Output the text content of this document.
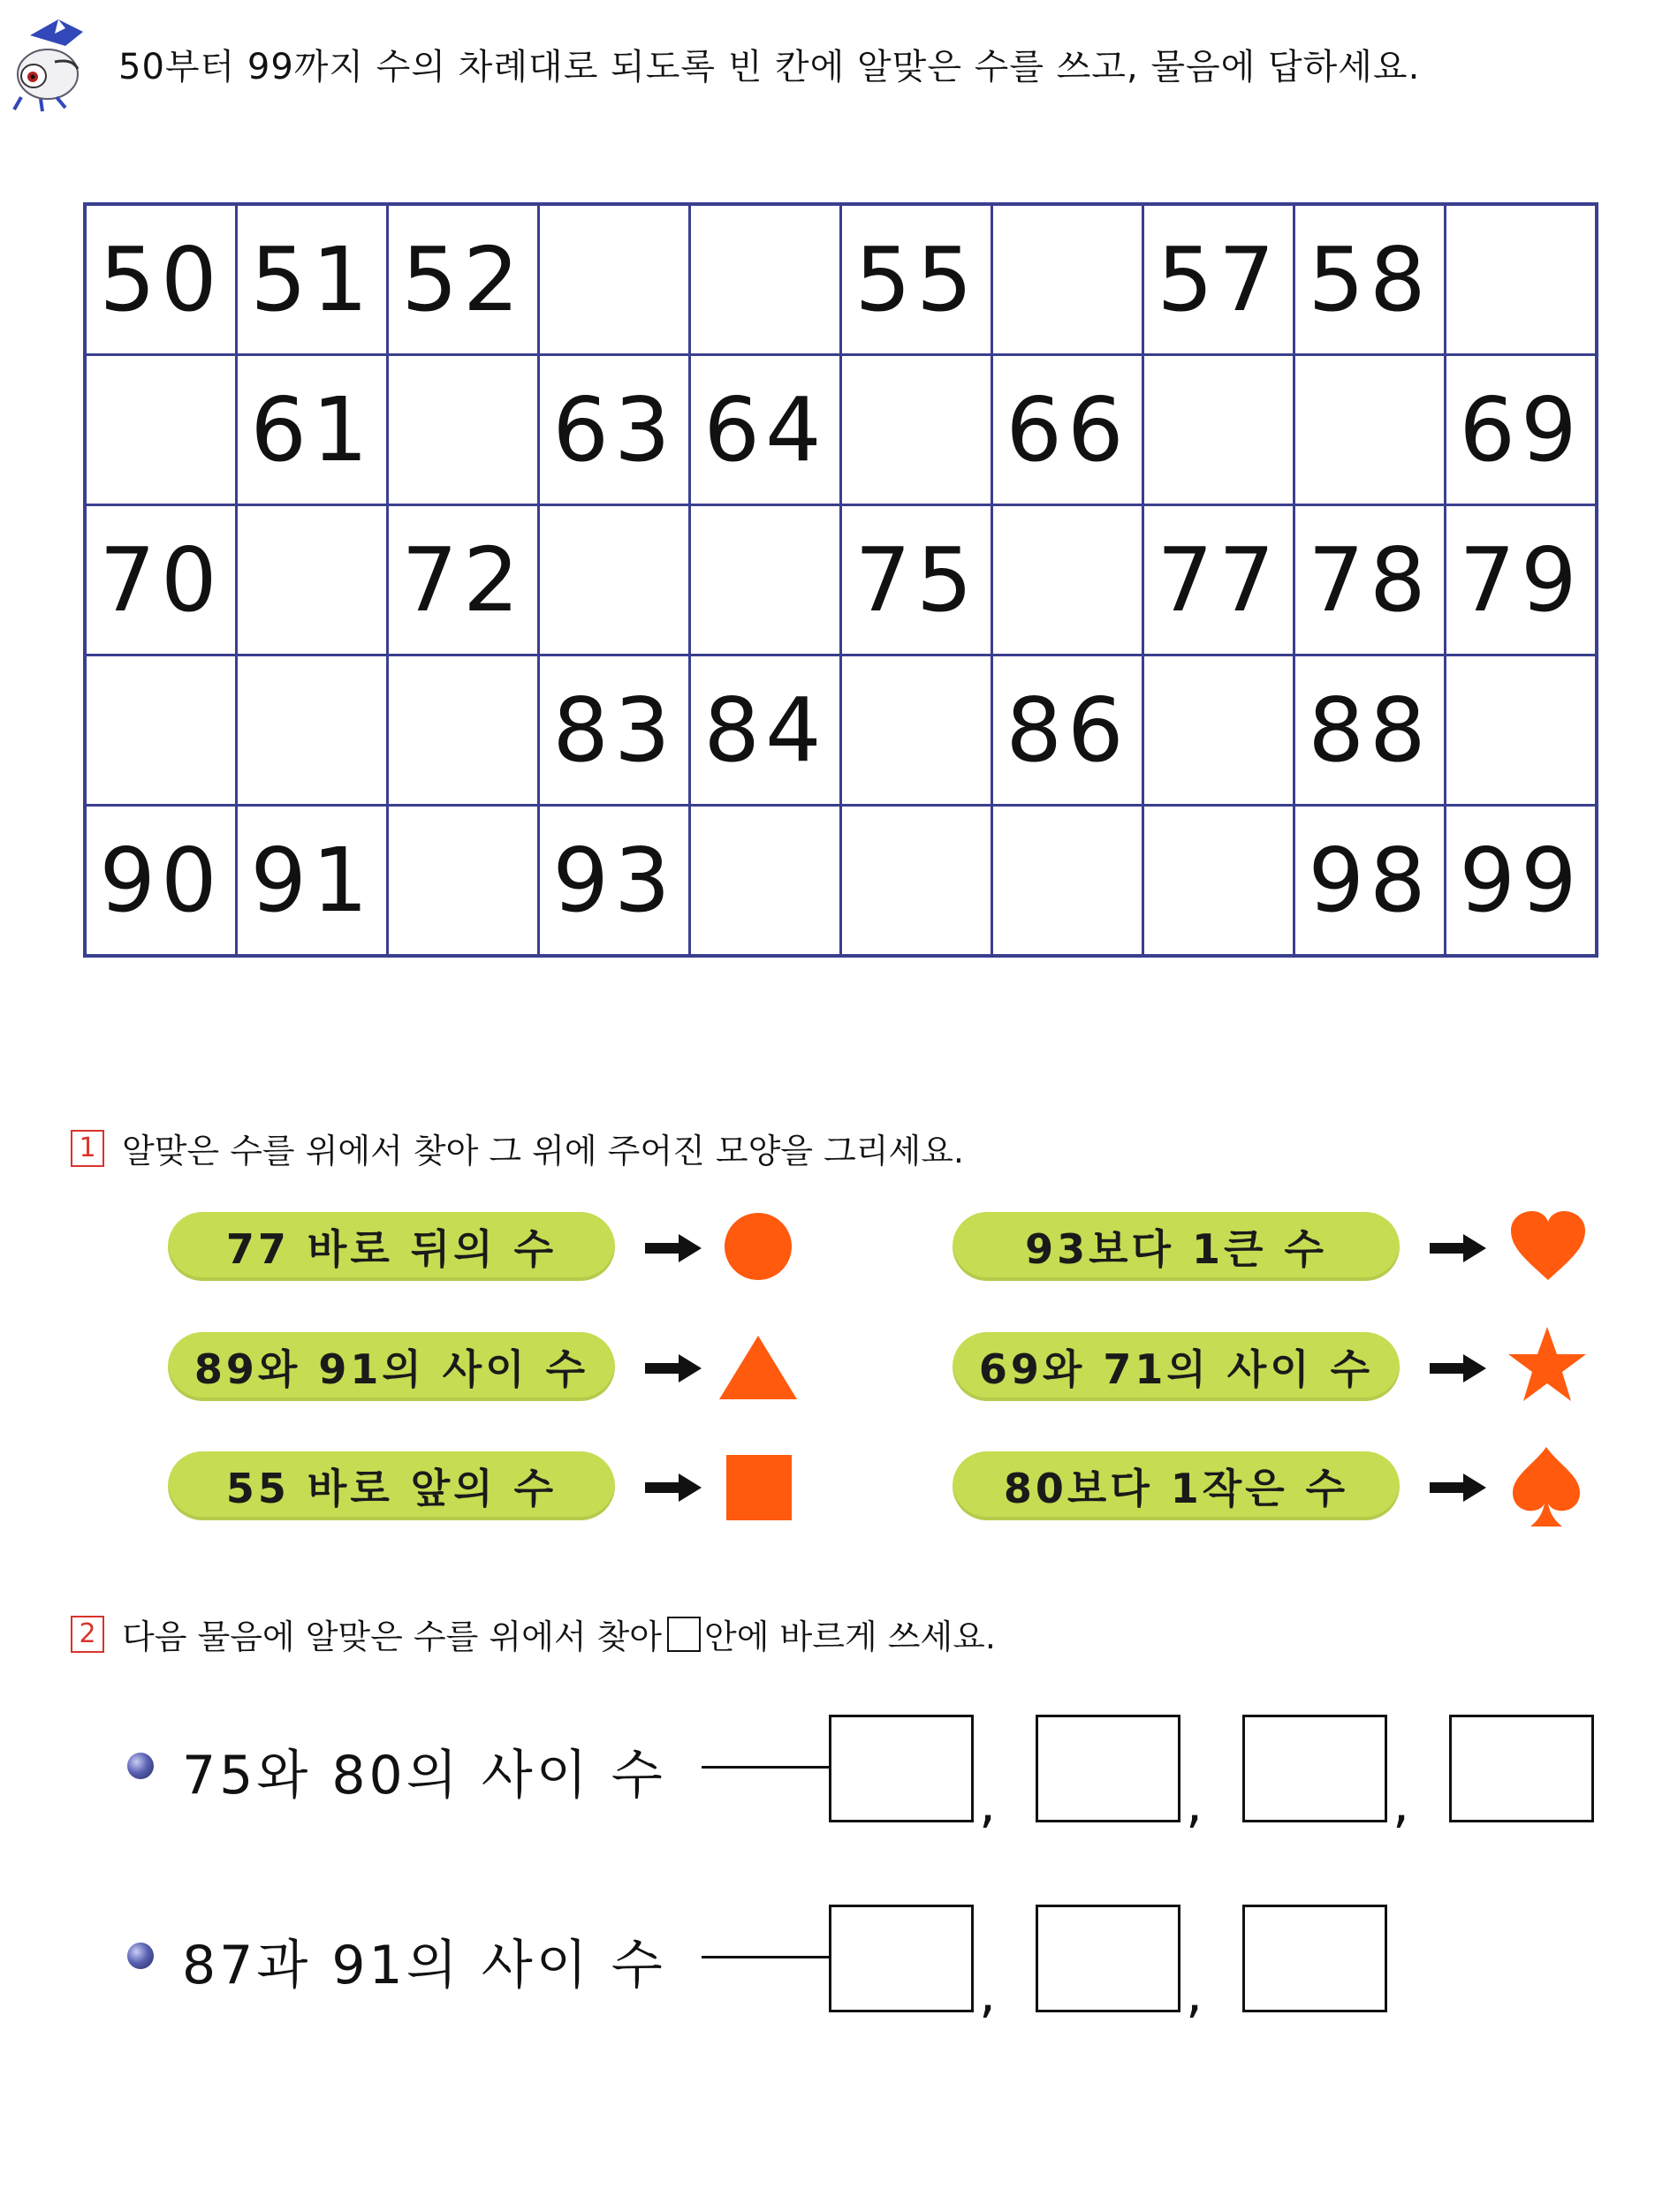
50부터 99까지 수의 차례대로 되도록 빈 칸에 알맞은 수를 쓰고, 물음에 답하세요.
50	51	52			55		57	58	
	61		63	64		66			69
70		72			75		77	78	79
			83	84		86		88	
90	91		93					98	99
1 알맞은 수를 위에서 찾아 그 위에 주어진 모양을 그리세요.
77 바로 뒤의 수
89와 91의 사이 수
55 바로 앞의 수
93보다 1큰 수
69와 71의 사이 수
80보다 1작은 수
2 다음 물음에 알맞은 수를 위에서 찾아 안에 바르게 쓰세요.
75와 80의 사이 수	,	,	,
87과 91의 사이 수	,	,
